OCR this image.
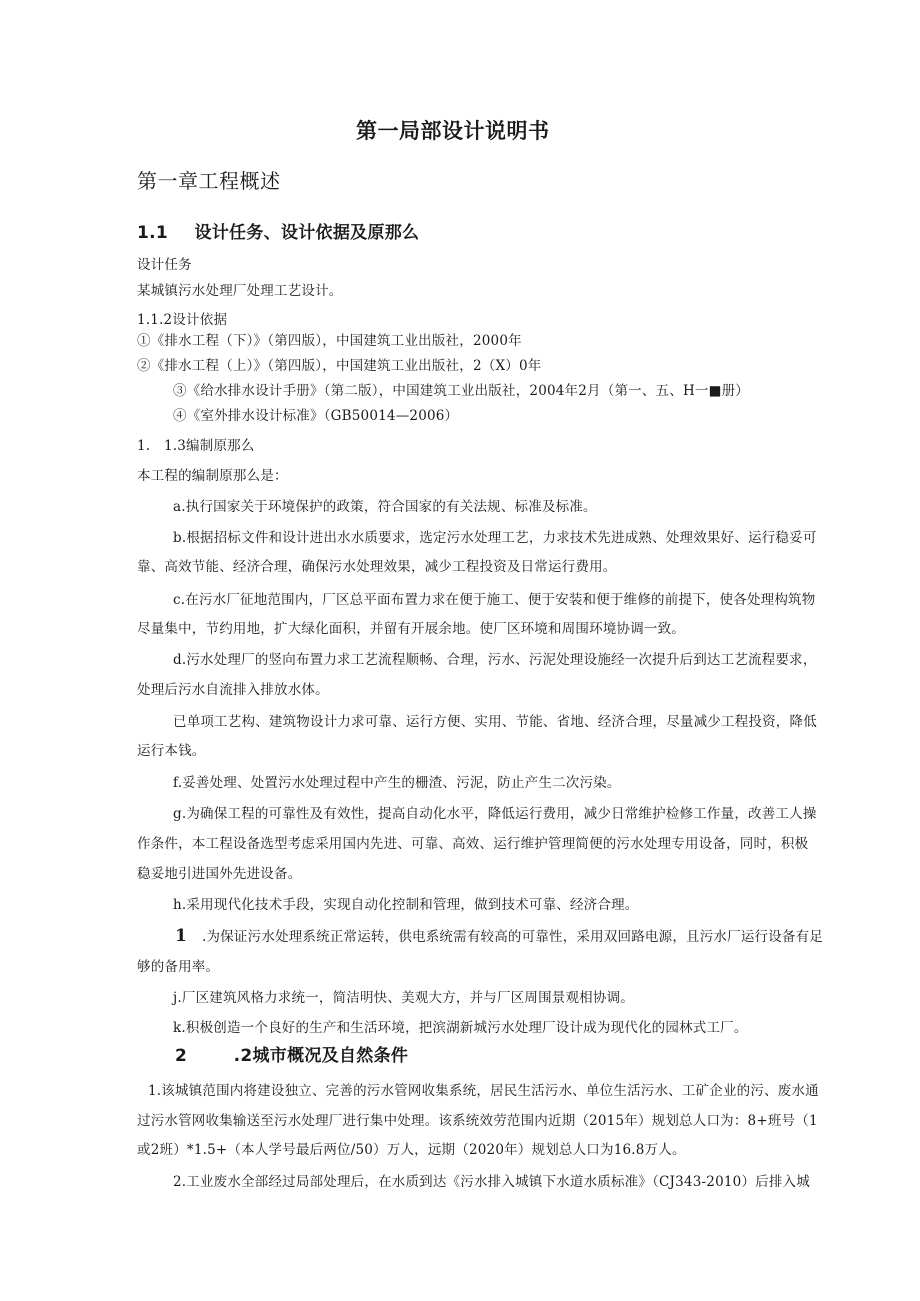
第一局部设计说明书
第一章工程概述
1.1 设计任务、设计依据及原那么
设计任务
某城镇污水处理厂处理工艺设计。
1.1.2设计依据
①《排水工程（下）》（第四版），中国建筑工业出版社，2000年
②《排水工程（上）》（第四版），中国建筑工业出版社，2（X）0年
③《给水排水设计手册》（第二版），中国建筑工业出版社，2004年2月（第一、五、H一■册）
④《室外排水设计标准》（GB50014—2006）
1.　1.3编制原那么
本工程的编制原那么是：
a.执行国家关于环境保护的政策，符合国家的有关法规、标准及标准。
b.根据招标文件和设计进出水水质要求，选定污水处理工艺，力求技术先进成熟、处理效果好、运行稳妥可
靠、高效节能、经济合理，确保污水处理效果，减少工程投资及日常运行费用。
c.在污水厂征地范围内，厂区总平面布置力求在便于施工、便于安装和便于维修的前提下，使各处理构筑物
尽量集中，节约用地，扩大绿化面积，并留有开展余地。使厂区环境和周围环境协调一致。
d.污水处理厂的竖向布置力求工艺流程顺畅、合理，污水、污泥处理设施经一次提升后到达工艺流程要求，
处理后污水自流排入排放水体。
已单项工艺构、建筑物设计力求可靠、运行方便、实用、节能、省地、经济合理，尽量减少工程投资，降低
运行本钱。
f.妥善处理、处置污水处理过程中产生的栅渣、污泥，防止产生二次污染。
g.为确保工程的可靠性及有效性，提高自动化水平，降低运行费用，减少日常维护检修工作量，改善工人操
作条件，本工程设备选型考虑采用国内先进、可靠、高效、运行维护管理简便的污水处理专用设备，同时，积极
稳妥地引进国外先进设备。
h.采用现代化技术手段，实现自动化控制和管理，做到技术可靠、经济合理。
1 .为保证污水处理系统正常运转，供电系统需有较高的可靠性，采用双回路电源，且污水厂运行设备有足
够的备用率。
j.厂区建筑风格力求统一，简洁明快、美观大方，并与厂区周围景观相协调。
k.积极创造一个良好的生产和生活环境，把滨湖新城污水处理厂设计成为现代化的园林式工厂。
2	.2城市概况及自然条件
1.该城镇范围内将建设独立、完善的污水管网收集系统，居民生活污水、单位生活污水、工矿企业的污、废水通
过污水管网收集输送至污水处理厂进行集中处理。该系统效劳范围内近期（2015年）规划总人口为：8+班号（1
或2班）*1.5+（本人学号最后两位/50）万人，远期（2020年）规划总人口为16.8万人。
2.工业废水全部经过局部处理后，在水质到达《污水排入城镇下水道水质标准》（CJ343-2010）后排入城
